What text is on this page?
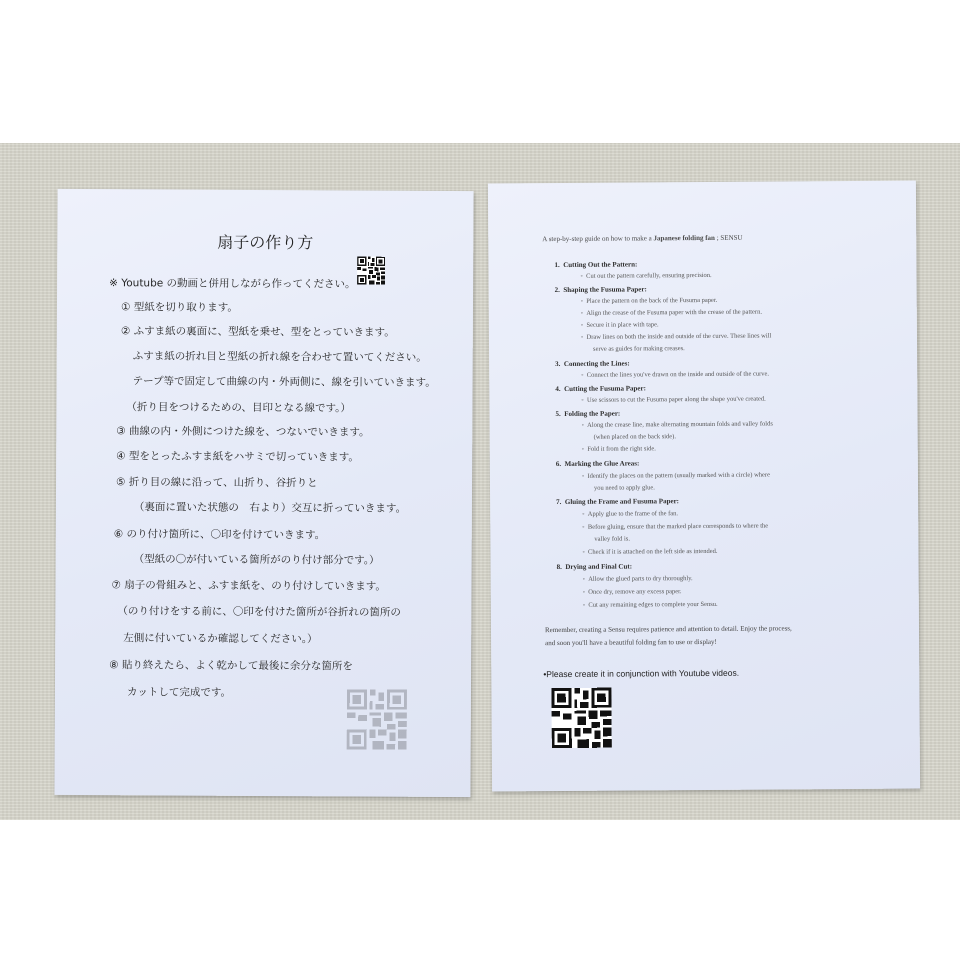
扇子の作り方
※ Youtube の動画と併用しながら作ってください。
① 型紙を切り取ります。
② ふすま紙の裏面に、型紙を乗せ、型をとっていきます。
ふすま紙の折れ目と型紙の折れ線を合わせて置いてください。
テープ等で固定して曲線の内・外両側に、線を引いていきます。
（折り目をつけるための、目印となる線です。）
③ 曲線の内・外側につけた線を、つないでいきます。
④ 型をとったふすま紙をハサミで切っていきます。
⑤ 折り目の線に沿って、山折り、谷折りと
（裏面に置いた状態の　右より）交互に折っていきます。
⑥ のり付け箇所に、〇印を付けていきます。
（型紙の〇が付いている箇所がのり付け部分です。）
⑦ 扇子の骨組みと、ふすま紙を、のり付けしていきます。
（のり付けをする前に、〇印を付けた箇所が谷折れの箇所の
左側に付いているか確認してください。）
⑧ 貼り終えたら、よく乾かして最後に余分な箇所を
カットして完成です。
A step-by-step guide on how to make a Japanese folding fan ; SENSU
1. Cutting Out the Pattern:
◦  Cut out the pattern carefully, ensuring precision.
2. Shaping the Fusuma Paper:
◦  Place the pattern on the back of the Fusuma paper.
◦  Align the crease of the Fusuma paper with the crease of the pattern.
◦  Secure it in place with tape.
◦  Draw lines on both the inside and outside of the curve. These lines will
serve as guides for making creases.
3. Connecting the Lines:
◦  Connect the lines you've drawn on the inside and outside of the curve.
4. Cutting the Fusuma Paper:
◦  Use scissors to cut the Fusuma paper along the shape you've created.
5. Folding the Paper:
◦  Along the crease line, make alternating mountain folds and valley folds
(when placed on the back side).
◦  Fold it from the right side.
6. Marking the Glue Areas:
◦  Identify the places on the pattern (usually marked with a circle) where
you need to apply glue.
7. Gluing the Frame and Fusuma Paper:
◦  Apply glue to the frame of the fan.
◦  Before gluing, ensure that the marked place corresponds to where the
valley fold is.
◦  Check if it is attached on the left side as intended.
8. Drying and Final Cut:
◦  Allow the glued parts to dry thoroughly.
◦  Once dry, remove any excess paper.
◦  Cut any remaining edges to complete your Sensu.
Remember, creating a Sensu requires patience and attention to detail. Enjoy the process,
and soon you'll have a beautiful folding fan to use or display!
•Please create it in conjunction with Youtube videos.
